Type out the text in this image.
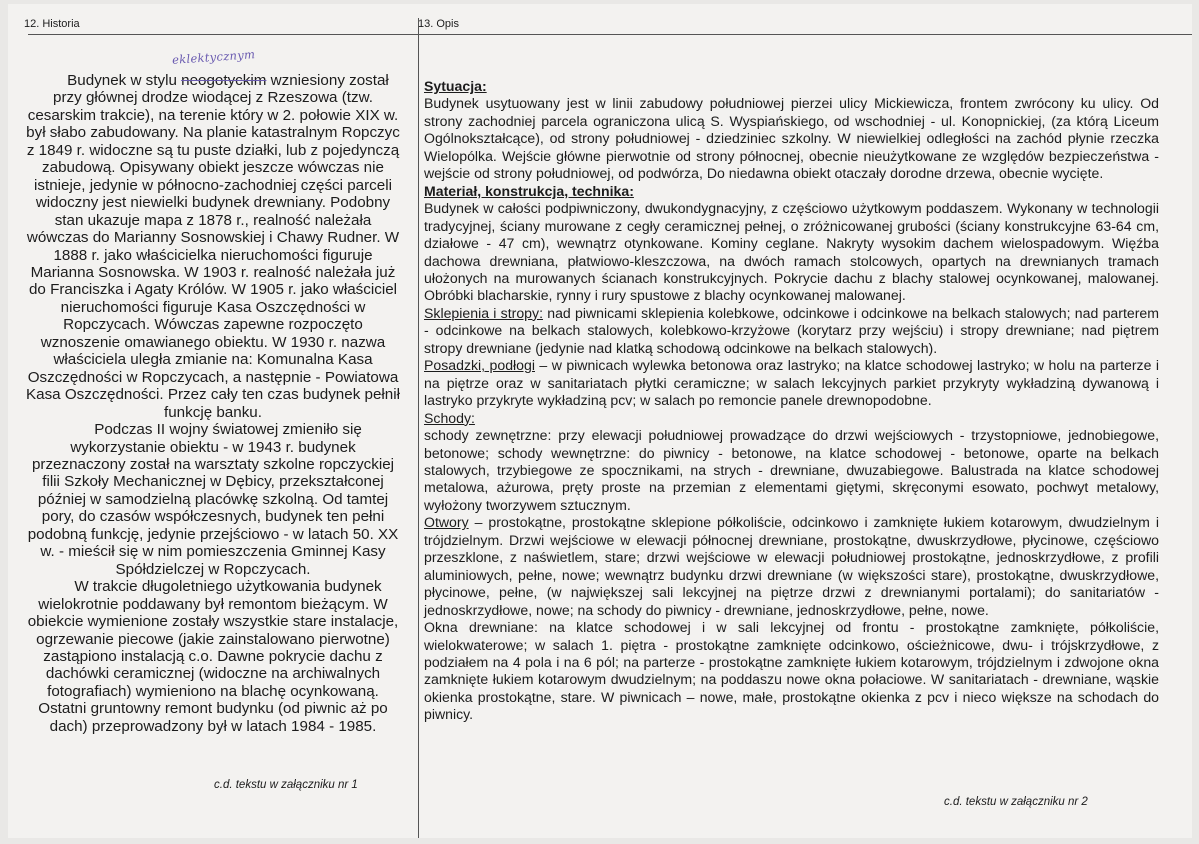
12. Historia	13. Opis
eklektycznym

Budynek w stylu neogotyckim wzniesiony został przy głównej drodze wiodącej z Rzeszowa (tzw. cesarskim trakcie), na terenie który w 2. połowie XIX w. był słabo zabudowany. Na planie katastralnym Ropczyc z 1849 r. widoczne są tu puste działki, lub z pojedynczą zabudową. Opisywany obiekt jeszcze wówczas nie istnieje, jedynie w północno-zachodniej części parceli widoczny jest niewielki budynek drewniany. Podobny stan ukazuje mapa z 1878 r., realność należała wówczas do Marianny Sosnowskiej i Chawy Rudner. W 1888 r. jako właścicielka nieruchomości figuruje Marianna Sosnowska. W 1903 r. realność należała już do Franciszka i Agaty Królów. W 1905 r. jako właściciel nieruchomości figuruje Kasa Oszczędności w Ropczycach. Wówczas zapewne rozpoczęto wznoszenie omawianego obiektu. W 1930 r. nazwa właściciela uległa zmianie na: Komunalna Kasa Oszczędności w Ropczycach, a następnie - Powiatowa Kasa Oszczędności. Przez cały ten czas budynek pełnił funkcję banku.

Podczas II wojny światowej zmieniło się wykorzystanie obiektu - w 1943 r. budynek przeznaczony został na warsztaty szkolne ropczyckiej filii Szkoły Mechanicznej w Dębicy, przekształconej później w samodzielną placówkę szkolną. Od tamtej pory, do czasów współczesnych, budynek ten pełni podobną funkcję, jedynie przejściowo - w latach 50. XX w. - mieścił się w nim pomieszczenia Gminnej Kasy Spółdzielczej w Ropczycach.

W trakcie długoletniego użytkowania budynek wielokrotnie poddawany był remontom bieżącym. W obiekcie wymienione zostały wszystkie stare instalacje, ogrzewanie piecowe (jakie zainstalowano pierwotne) zastąpiono instalacją c.o. Dawne pokrycie dachu z dachówki ceramicznej (widoczne na archiwalnych fotografiach) wymieniono na blachę ocynkowaną. Ostatni gruntowny remont budynku (od piwnic aż po dach) przeprowadzony był w latach 1984 - 1985.

c.d. tekstu w załączniku nr 1

Sytuacja:

Budynek usytuowany jest w linii zabudowy południowej pierzei ulicy Mickiewicza, frontem zwrócony ku ulicy. Od strony zachodniej parcela ograniczona ulicą S. Wyspiańskiego, od wschodniej - ul. Konopnickiej, (za którą Liceum Ogólnokształcące), od strony południowej - dziedziniec szkolny. W niewielkiej odległości na zachód płynie rzeczka Wielopólka. Wejście główne pierwotnie od strony północnej, obecnie nieużytkowane ze względów bezpieczeństwa - wejście od strony południowej, od podwórza, Do niedawna obiekt otaczały dorodne drzewa, obecnie wycięte.

Materiał, konstrukcja, technika:

Budynek w całości podpiwniczony, dwukondygnacyjny, z częściowo użytkowym poddaszem. Wykonany w technologii tradycyjnej, ściany murowane z cegły ceramicznej pełnej, o zróżnicowanej grubości (ściany konstrukcyjne 63-64 cm, działowe - 47 cm), wewnątrz otynkowane. Kominy ceglane. Nakryty wysokim dachem wielospadowym. Więźba dachowa drewniana, płatwiowo-kleszczowa, na dwóch ramach stolcowych, opartych na drewnianych tramach ułożonych na murowanych ścianach konstrukcyjnych. Pokrycie dachu z blachy stalowej ocynkowanej, malowanej. Obróbki blacharskie, rynny i rury spustowe z blachy ocynkowanej malowanej.

Sklepienia i stropy: nad piwnicami sklepienia kolebkowe, odcinkowe i odcinkowe na belkach stalowych; nad parterem - odcinkowe na belkach stalowych, kolebkowo-krzyżowe (korytarz przy wejściu) i stropy drewniane; nad piętrem stropy drewniane (jedynie nad klatką schodową odcinkowe na belkach stalowych).

Posadzki, podłogi – w piwnicach wylewka betonowa oraz lastryko; na klatce schodowej lastryko; w holu na parterze i na piętrze oraz w sanitariatach płytki ceramiczne; w salach lekcyjnych parkiet przykryty wykładziną dywanową i lastryko przykryte wykładziną pcv; w salach po remoncie panele drewnopodobne.

Schody:

schody zewnętrzne: przy elewacji południowej prowadzące do drzwi wejściowych - trzystopniowe, jednobiegowe, betonowe; schody wewnętrzne: do piwnicy - betonowe, na klatce schodowej - betonowe, oparte na belkach stalowych, trzybiegowe ze spocznikami, na strych - drewniane, dwuzabiegowe. Balustrada na klatce schodowej metalowa, ażurowa, pręty proste na przemian z elementami giętymi, skręconymi esowato, pochwyt metalowy, wyłożony tworzywem sztucznym.

Otwory – prostokątne, prostokątne sklepione półkoliście, odcinkowo i zamknięte łukiem kotarowym, dwudzielnym i trójdzielnym. Drzwi wejściowe w elewacji północnej drewniane, prostokątne, dwuskrzydłowe, płycinowe, częściowo przeszklone, z naświetlem, stare; drzwi wejściowe w elewacji południowej prostokątne, jednoskrzydłowe, z profili aluminiowych, pełne, nowe; wewnątrz budynku drzwi drewniane (w większości stare), prostokątne, dwuskrzydłowe, płycinowe, pełne, (w największej sali lekcyjnej na piętrze drzwi z drewnianymi portalami); do sanitariatów - jednoskrzydłowe, nowe; na schody do piwnicy - drewniane, jednoskrzydłowe, pełne, nowe.

Okna drewniane: na klatce schodowej i w sali lekcyjnej od frontu - prostokątne zamknięte, półkoliście, wielokwaterowe; w salach 1. piętra - prostokątne zamknięte odcinkowo, ościeżnicowe, dwu- i trójskrzydłowe, z podziałem na 4 pola i na 6 pól; na parterze - prostokątne zamknięte łukiem kotarowym, trójdzielnym i zdwojone okna zamknięte łukiem kotarowym dwudzielnym; na poddaszu nowe okna połaciowe. W sanitariatach - drewniane, wąskie okienka prostokątne, stare. W piwnicach – nowe, małe, prostokątne okienka z pcv i nieco większe na schodach do piwnicy.

c.d. tekstu w załączniku nr 2
